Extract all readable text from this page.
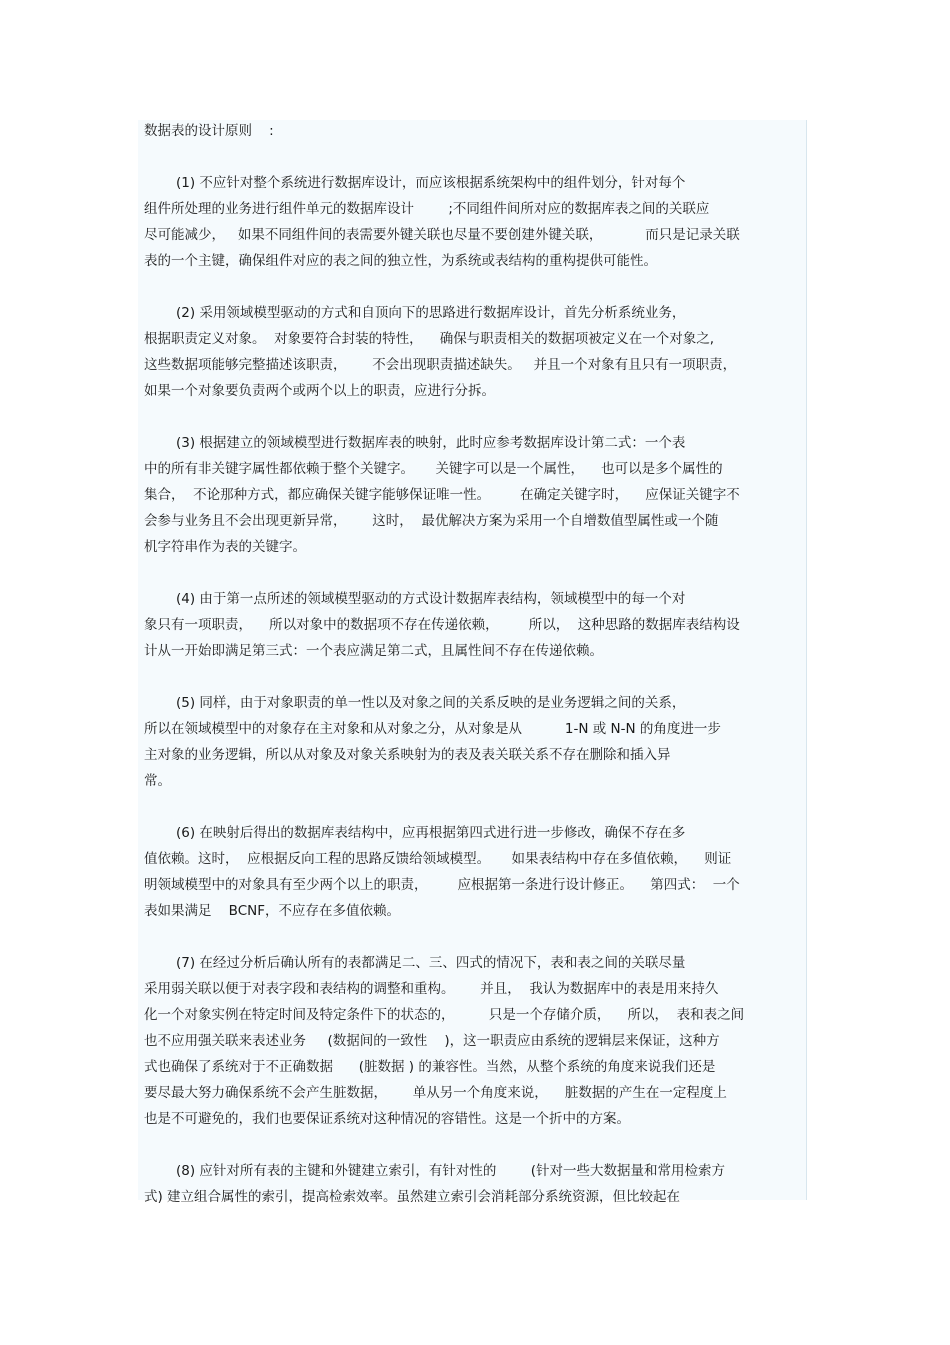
数据表的设计原则    :
(1) 不应针对整个系统进行数据库设计，而应该根据系统架构中的组件划分，针对每个
组件所处理的业务进行组件单元的数据库设计        ;不同组件间所对应的数据库表之间的关联应
尽可能减少，   如果不同组件间的表需要外键关联也尽量不要创建外键关联，          而只是记录关联
表的一个主键，确保组件对应的表之间的独立性，为系统或表结构的重构提供可能性。
(2) 采用领域模型驱动的方式和自顶向下的思路进行数据库设计，首先分析系统业务，
根据职责定义对象。  对象要符合封装的特性，    确保与职责相关的数据项被定义在一个对象之,
这些数据项能够完整描述该职责，      不会出现职责描述缺失。   并且一个对象有且只有一项职责，
如果一个对象要负责两个或两个以上的职责，应进行分拆。
(3) 根据建立的领域模型进行数据库表的映射，此时应参考数据库设计第二式：一个表
中的所有非关键字属性都依赖于整个关键字。     关键字可以是一个属性，    也可以是多个属性的
集合，  不论那种方式，都应确保关键字能够保证唯一性。       在确定关键字时，    应保证关键字不
会参与业务且不会出现更新异常，      这时，  最优解决方案为采用一个自增数值型属性或一个随
机字符串作为表的关键字。
(4) 由于第一点所述的领域模型驱动的方式设计数据库表结构，领域模型中的每一个对
象只有一项职责，    所以对象中的数据项不存在传递依赖，       所以，  这种思路的数据库表结构设
计从一开始即满足第三式：一个表应满足第二式，且属性间不存在传递依赖。
(5) 同样，由于对象职责的单一性以及对象之间的关系反映的是业务逻辑之间的关系，
所以在领域模型中的对象存在主对象和从对象之分，从对象是从          1-N 或 N-N 的角度进一步
主对象的业务逻辑，所以从对象及对象关系映射为的表及表关联关系不存在删除和插入异
常。
(6) 在映射后得出的数据库表结构中，应再根据第四式进行进一步修改，确保不存在多
值依赖。这时，  应根据反向工程的思路反馈给领域模型。     如果表结构中存在多值依赖，    则证
明领域模型中的对象具有至少两个以上的职责，       应根据第一条进行设计修正。    第四式：  一个
表如果满足    BCNF，不应存在多值依赖。
(7) 在经过分析后确认所有的表都满足二、三、四式的情况下，表和表之间的关联尽量
采用弱关联以便于对表字段和表结构的调整和重构。      并且，  我认为数据库中的表是用来持久
化一个对象实例在特定时间及特定条件下的状态的，        只是一个存储介质，    所以，  表和表之间
也不应用强关联来表述业务     (数据间的一致性    )，这一职责应由系统的逻辑层来保证，这种方
式也确保了系统对于不正确数据      (脏数据 ) 的兼容性。当然，从整个系统的角度来说我们还是
要尽最大努力确保系统不会产生脏数据，      单从另一个角度来说，    脏数据的产生在一定程度上
也是不可避免的，我们也要保证系统对这种情况的容错性。这是一个折中的方案。
(8) 应针对所有表的主键和外键建立索引，有针对性的        (针对一些大数据量和常用检索方
式) 建立组合属性的索引，提高检索效率。虽然建立索引会消耗部分系统资源，但比较起在
